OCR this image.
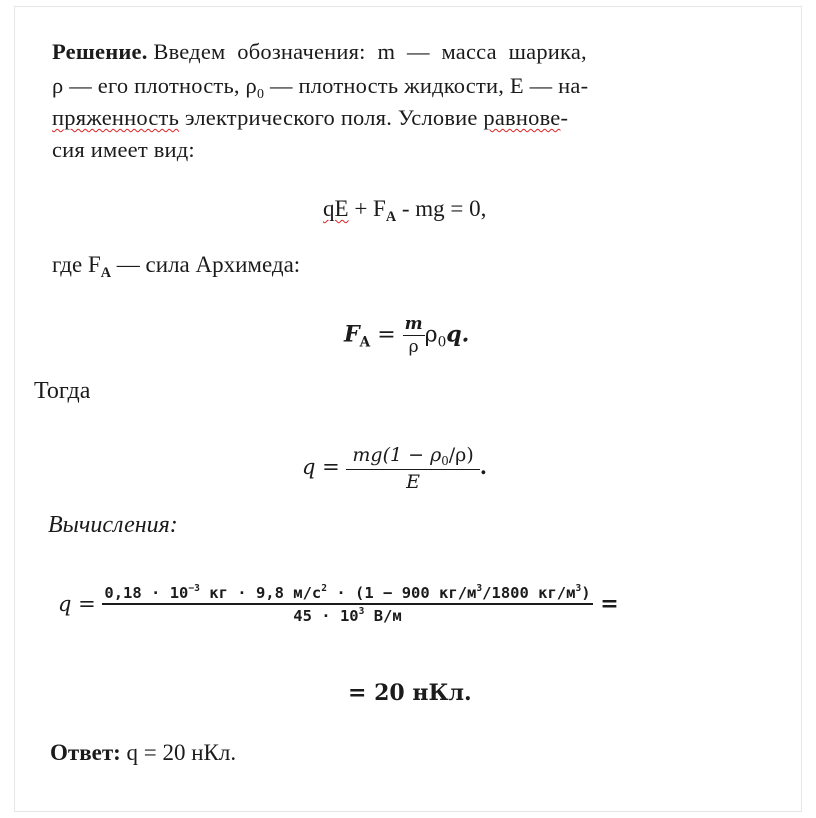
Решение. Введем обозначения: m — масса шарика,
ρ — его плотность, $\rho_0$ — плотность жидкости, E — на-
пряженность электрического поля. Условие равнове-
сия имеет вид:
qE + $F_A$ - mg = 0,
где $F_A$ — сила Архимеда:
$F_A = \frac{m}{\rho} \rho_0q$.
Тогда
$q = \frac{mg(1 - \rho_0/\rho)}{E}$ .
Вычисления:
$q = \frac{0,18 \cdot 10^{-3} кг \cdot 9,8 м/с^2 \cdot (1 - 900 кг/м^3/1800 кг/м^3)}{45 \cdot 10^3 В/м}$ =
= 20 нКл.
Ответ: q = 20 нКл.
